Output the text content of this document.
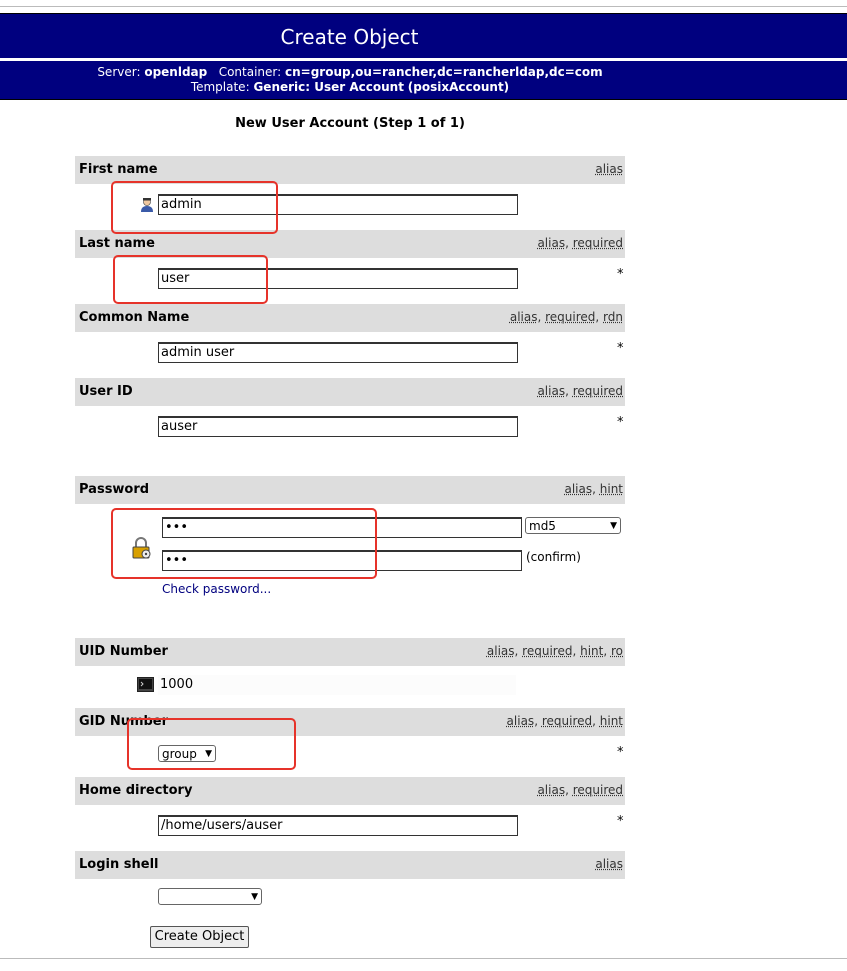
Create Object
Server: openldap Container: cn=group,ou=rancher,dc=rancherldap,dc=com
Template: Generic: User Account (posixAccount)
New User Account (Step 1 of 1)
First name	alias
admin
Last name	alias, required
user	*
Common Name	alias, required, rdn
admin user	*
User ID	alias, required
auser	*
Password	alias, hint
•••	md5	▼
•••	(confirm)
Check password...
UID Number	alias, required, hint, ro
1000
GID Number	alias, required, hint
group ▼	*
Home directory	alias, required
/home/users/auser	*
Login shell	alias
▼
Create Object
